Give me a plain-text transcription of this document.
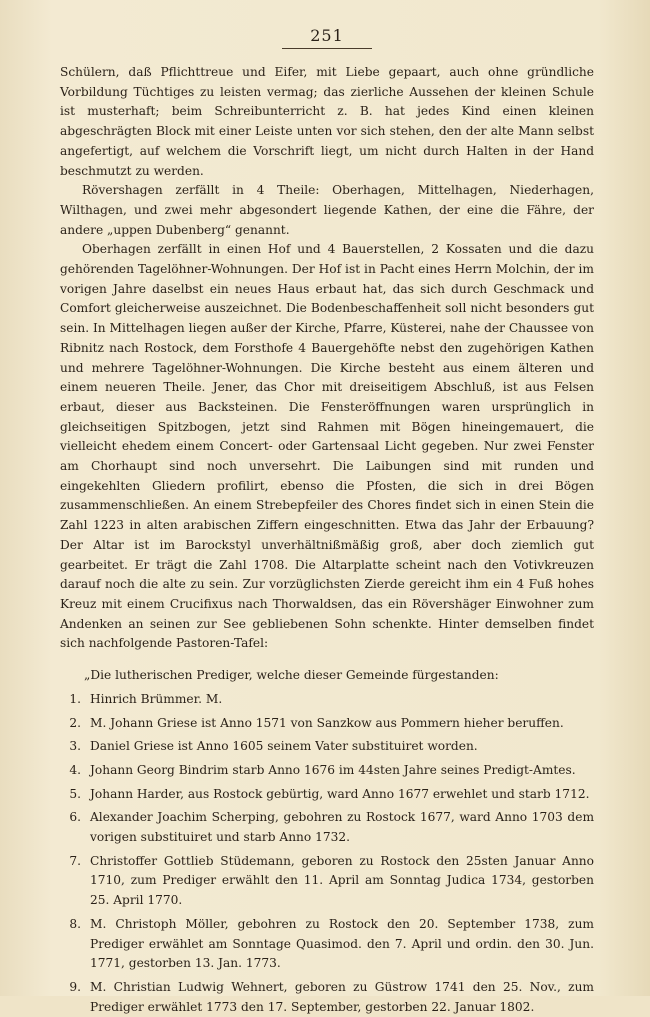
251

Schülern, daß Pflichttreue und Eifer, mit Liebe gepaart, auch ohne gründliche Vorbildung Tüchtiges zu leisten vermag; das zierliche Aussehen der kleinen Schule ist musterhaft; beim Schreibunterricht z. B. hat jedes Kind einen kleinen abgeschrägten Block mit einer Leiste unten vor sich stehen, den der alte Mann selbst angefertigt, auf welchem die Vorschrift liegt, um nicht durch Halten in der Hand beschmutzt zu werden.

Rövershagen zerfällt in 4 Theile: Oberhagen, Mittelhagen, Niederhagen, Wilthagen, und zwei mehr abgesondert liegende Kathen, der eine die Fähre, der andere „uppen Dubenberg“ genannt.

Oberhagen zerfällt in einen Hof und 4 Bauerstellen, 2 Kossaten und die dazu gehörenden Tagelöhner-Wohnungen. Der Hof ist in Pacht eines Herrn Molchin, der im vorigen Jahre daselbst ein neues Haus erbaut hat, das sich durch Geschmack und Comfort gleicherweise auszeichnet. Die Bodenbeschaffenheit soll nicht besonders gut sein. In Mittelhagen liegen außer der Kirche, Pfarre, Küsterei, nahe der Chaussee von Ribnitz nach Rostock, dem Forsthofe 4 Bauergehöfte nebst den zugehörigen Kathen und mehrere Tagelöhner-Wohnungen. Die Kirche besteht aus einem älteren und einem neueren Theile. Jener, das Chor mit dreiseitigem Abschluß, ist aus Felsen erbaut, dieser aus Backsteinen. Die Fensteröffnungen waren ursprünglich in gleichseitigen Spitzbogen, jetzt sind Rahmen mit Bögen hineingemauert, die vielleicht ehedem einem Concert- oder Gartensaal Licht gegeben. Nur zwei Fenster am Chorhaupt sind noch unversehrt. Die Laibungen sind mit runden und eingekehlten Gliedern profilirt, ebenso die Pfosten, die sich in drei Bögen zusammenschließen. An einem Strebepfeiler des Chores findet sich in einen Stein die Zahl 1223 in alten arabischen Ziffern eingeschnitten. Etwa das Jahr der Erbauung? Der Altar ist im Barockstyl unverhältnißmäßig groß, aber doch ziemlich gut gearbeitet. Er trägt die Zahl 1708. Die Altarplatte scheint nach den Votivkreuzen darauf noch die alte zu sein. Zur vorzüglichsten Zierde gereicht ihm ein 4 Fuß hohes Kreuz mit einem Crucifixus nach Thorwaldsen, das ein Rövershäger Einwohner zum Andenken an seinen zur See gebliebenen Sohn schenkte. Hinter demselben findet sich nachfolgende Pastoren-Tafel:

„Die lutherischen Prediger, welche dieser Gemeinde fürgestanden:

1. Hinrich Brümmer. M.
2. M. Johann Griese ist Anno 1571 von Sanzkow aus Pommern hieher beruffen.
3. Daniel Griese ist Anno 1605 seinem Vater substituiret worden.
4. Johann Georg Bindrim starb Anno 1676 im 44sten Jahre seines Predigt-Amtes.
5. Johann Harder, aus Rostock gebürtig, ward Anno 1677 erwehlet und starb 1712.
6. Alexander Joachim Scherping, gebohren zu Rostock 1677, ward Anno 1703 dem vorigen substituiret und starb Anno 1732.
7. Christoffer Gottlieb Stüdemann, geboren zu Rostock den 25sten Januar Anno 1710, zum Prediger erwählt den 11. April am Sonntag Judica 1734, gestorben 25. April 1770.
8. M. Christoph Möller, gebohren zu Rostock den 20. September 1738, zum Prediger erwählet am Sonntage Quasimod. den 7. April und ordin. den 30. Jun. 1771, gestorben 13. Jan. 1773.
9. M. Christian Ludwig Wehnert, geboren zu Güstrow 1741 den 25. Nov., zum Prediger erwählet 1773 den 17. September, gestorben 22. Januar 1802.
